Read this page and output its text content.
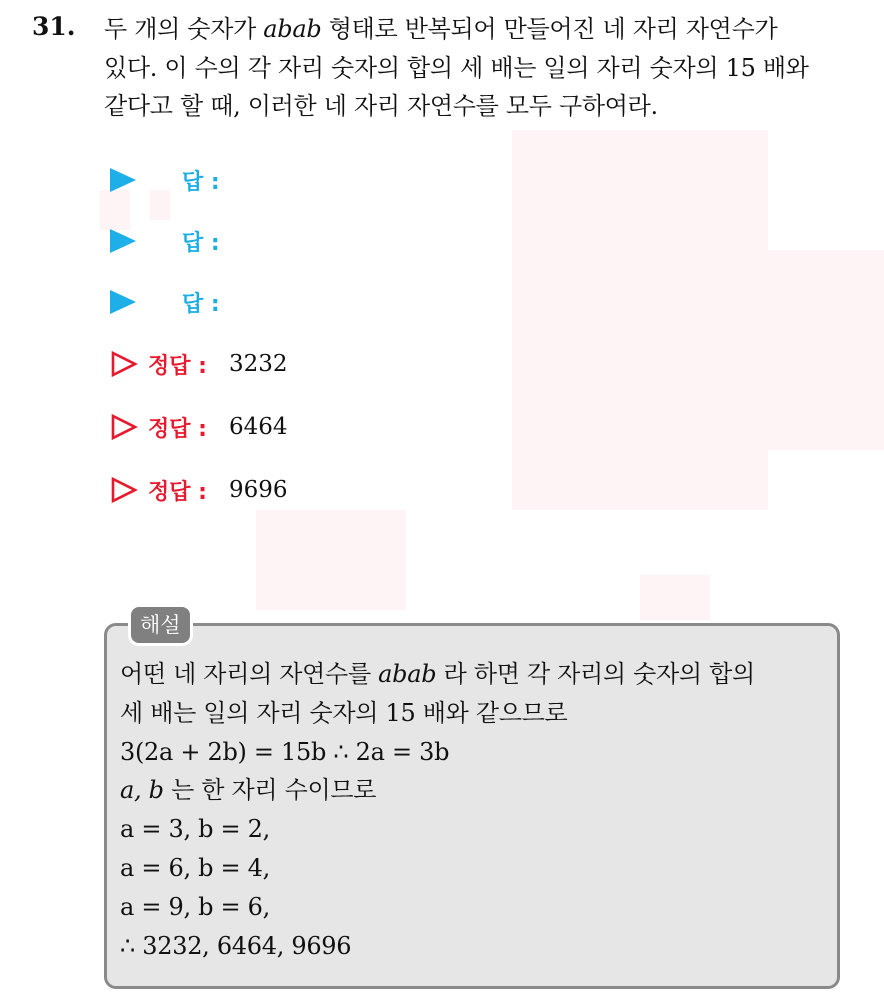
31. 두 개의 숫자가 abab 형태로 반복되어 만들어진 네 자리 자연수가
있다. 이 수의 각 자리 숫자의 합의 세 배는 일의 자리 숫자의 15 배와
같다고 할 때, 이러한 네 자리 자연수를 모두 구하여라.
답 :
답 :
답 :
정답 : 3232
정답 : 6464
정답 : 9696
해설
어떤 네 자리의 자연수를 abab 라 하면 각 자리의 숫자의 합의
세 배는 일의 자리 숫자의 15 배와 같으므로
3(2a + 2b) = 15b ∴ 2a = 3b
a, b 는 한 자리 수이므로
a = 3, b = 2,
a = 6, b = 4,
a = 9, b = 6,
∴ 3232, 6464, 9696
